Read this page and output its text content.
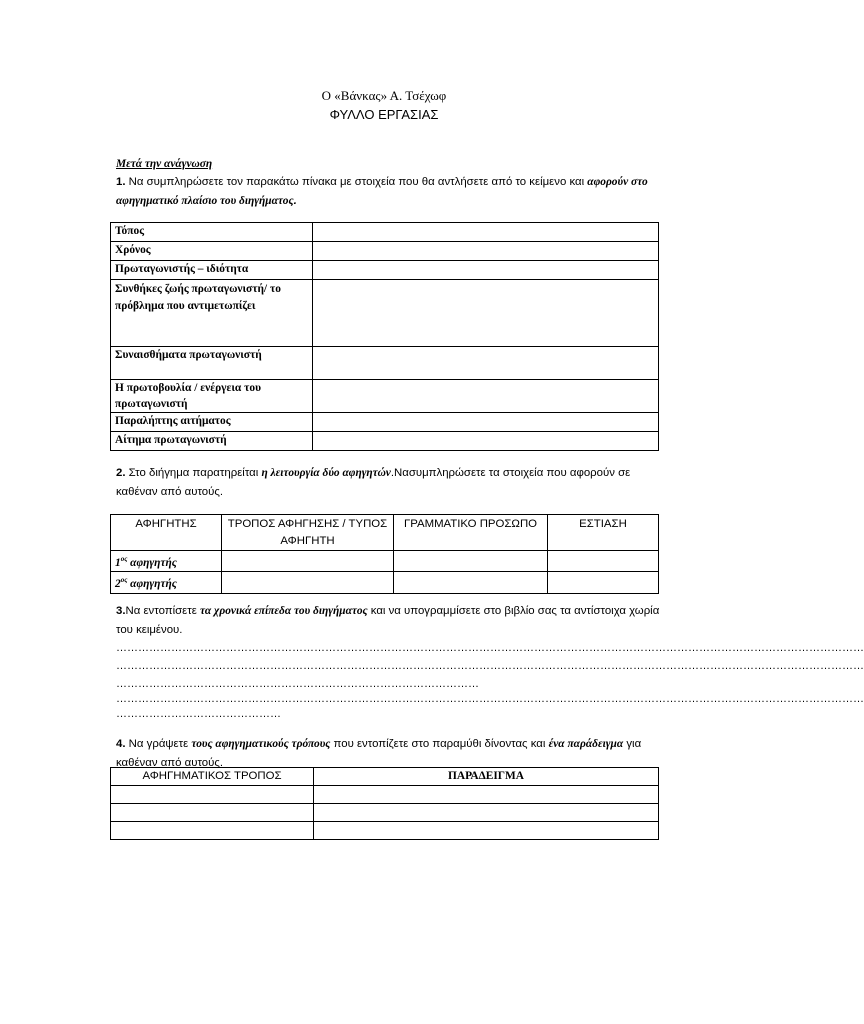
Ο «Βάνκας» Α. Τσέχωφ
ΦΥΛΛΟ ΕΡΓΑΣΙΑΣ
Μετά την ανάγνωση
1. Να συμπληρώσετε τον παρακάτω πίνακα με στοιχεία που θα αντλήσετε από το κείμενο και αφορούν στο αφηγηματικό πλαίσιο του διηγήματος.
Τόπος	
Χρόνος	
Πρωταγωνιστής – ιδιότητα	
Συνθήκες ζωής πρωταγωνιστή/ το πρόβλημα που αντιμετωπίζει	
Συναισθήματα πρωταγωνιστή	
Η πρωτοβουλία / ενέργεια του πρωταγωνιστή	
Παραλήπτης αιτήματος	
Αίτημα πρωταγωνιστή	
2. Στο διήγημα παρατηρείται η λειτουργία δύο αφηγητών.Νασυμπληρώσετε τα στοιχεία που αφορούν σε καθέναν από αυτούς.
ΑΦΗΓΗΤΗΣ	ΤΡΟΠΟΣ ΑΦΗΓΗΣΗΣ / ΤΥΠΟΣ ΑΦΗΓΗΤΗ	ΓΡΑΜΜΑΤΙΚΟ ΠΡΟΣΩΠΟ	ΕΣΤΙΑΣΗ
$1^{o\varsigma}$ αφηγητής			
$2^{o\varsigma}$ αφηγητής			
3.Να εντοπίσετε τα χρονικά επίπεδα του διηγήματος και να υπογραμμίσετε στο βιβλίο σας τα αντίστοιχα χωρία του κειμένου.
……………………………………………………………………………………………………………………………………………………………………………………
……………………………………………………………………………………………………………………………………………………………………………………
………………………………………………………………………………………
……………………………………………………………………………………………………………………………………………………………………………………
………………………………………
4. Να γράψετε τους αφηγηματικούς τρόπους που εντοπίζετε στο παραμύθι δίνοντας και ένα παράδειγμα για καθέναν από αυτούς.
ΑΦΗΓΗΜΑΤΙΚΟΣ ΤΡΟΠΟΣ	ΠΑΡΑΔΕΙΓΜΑ
